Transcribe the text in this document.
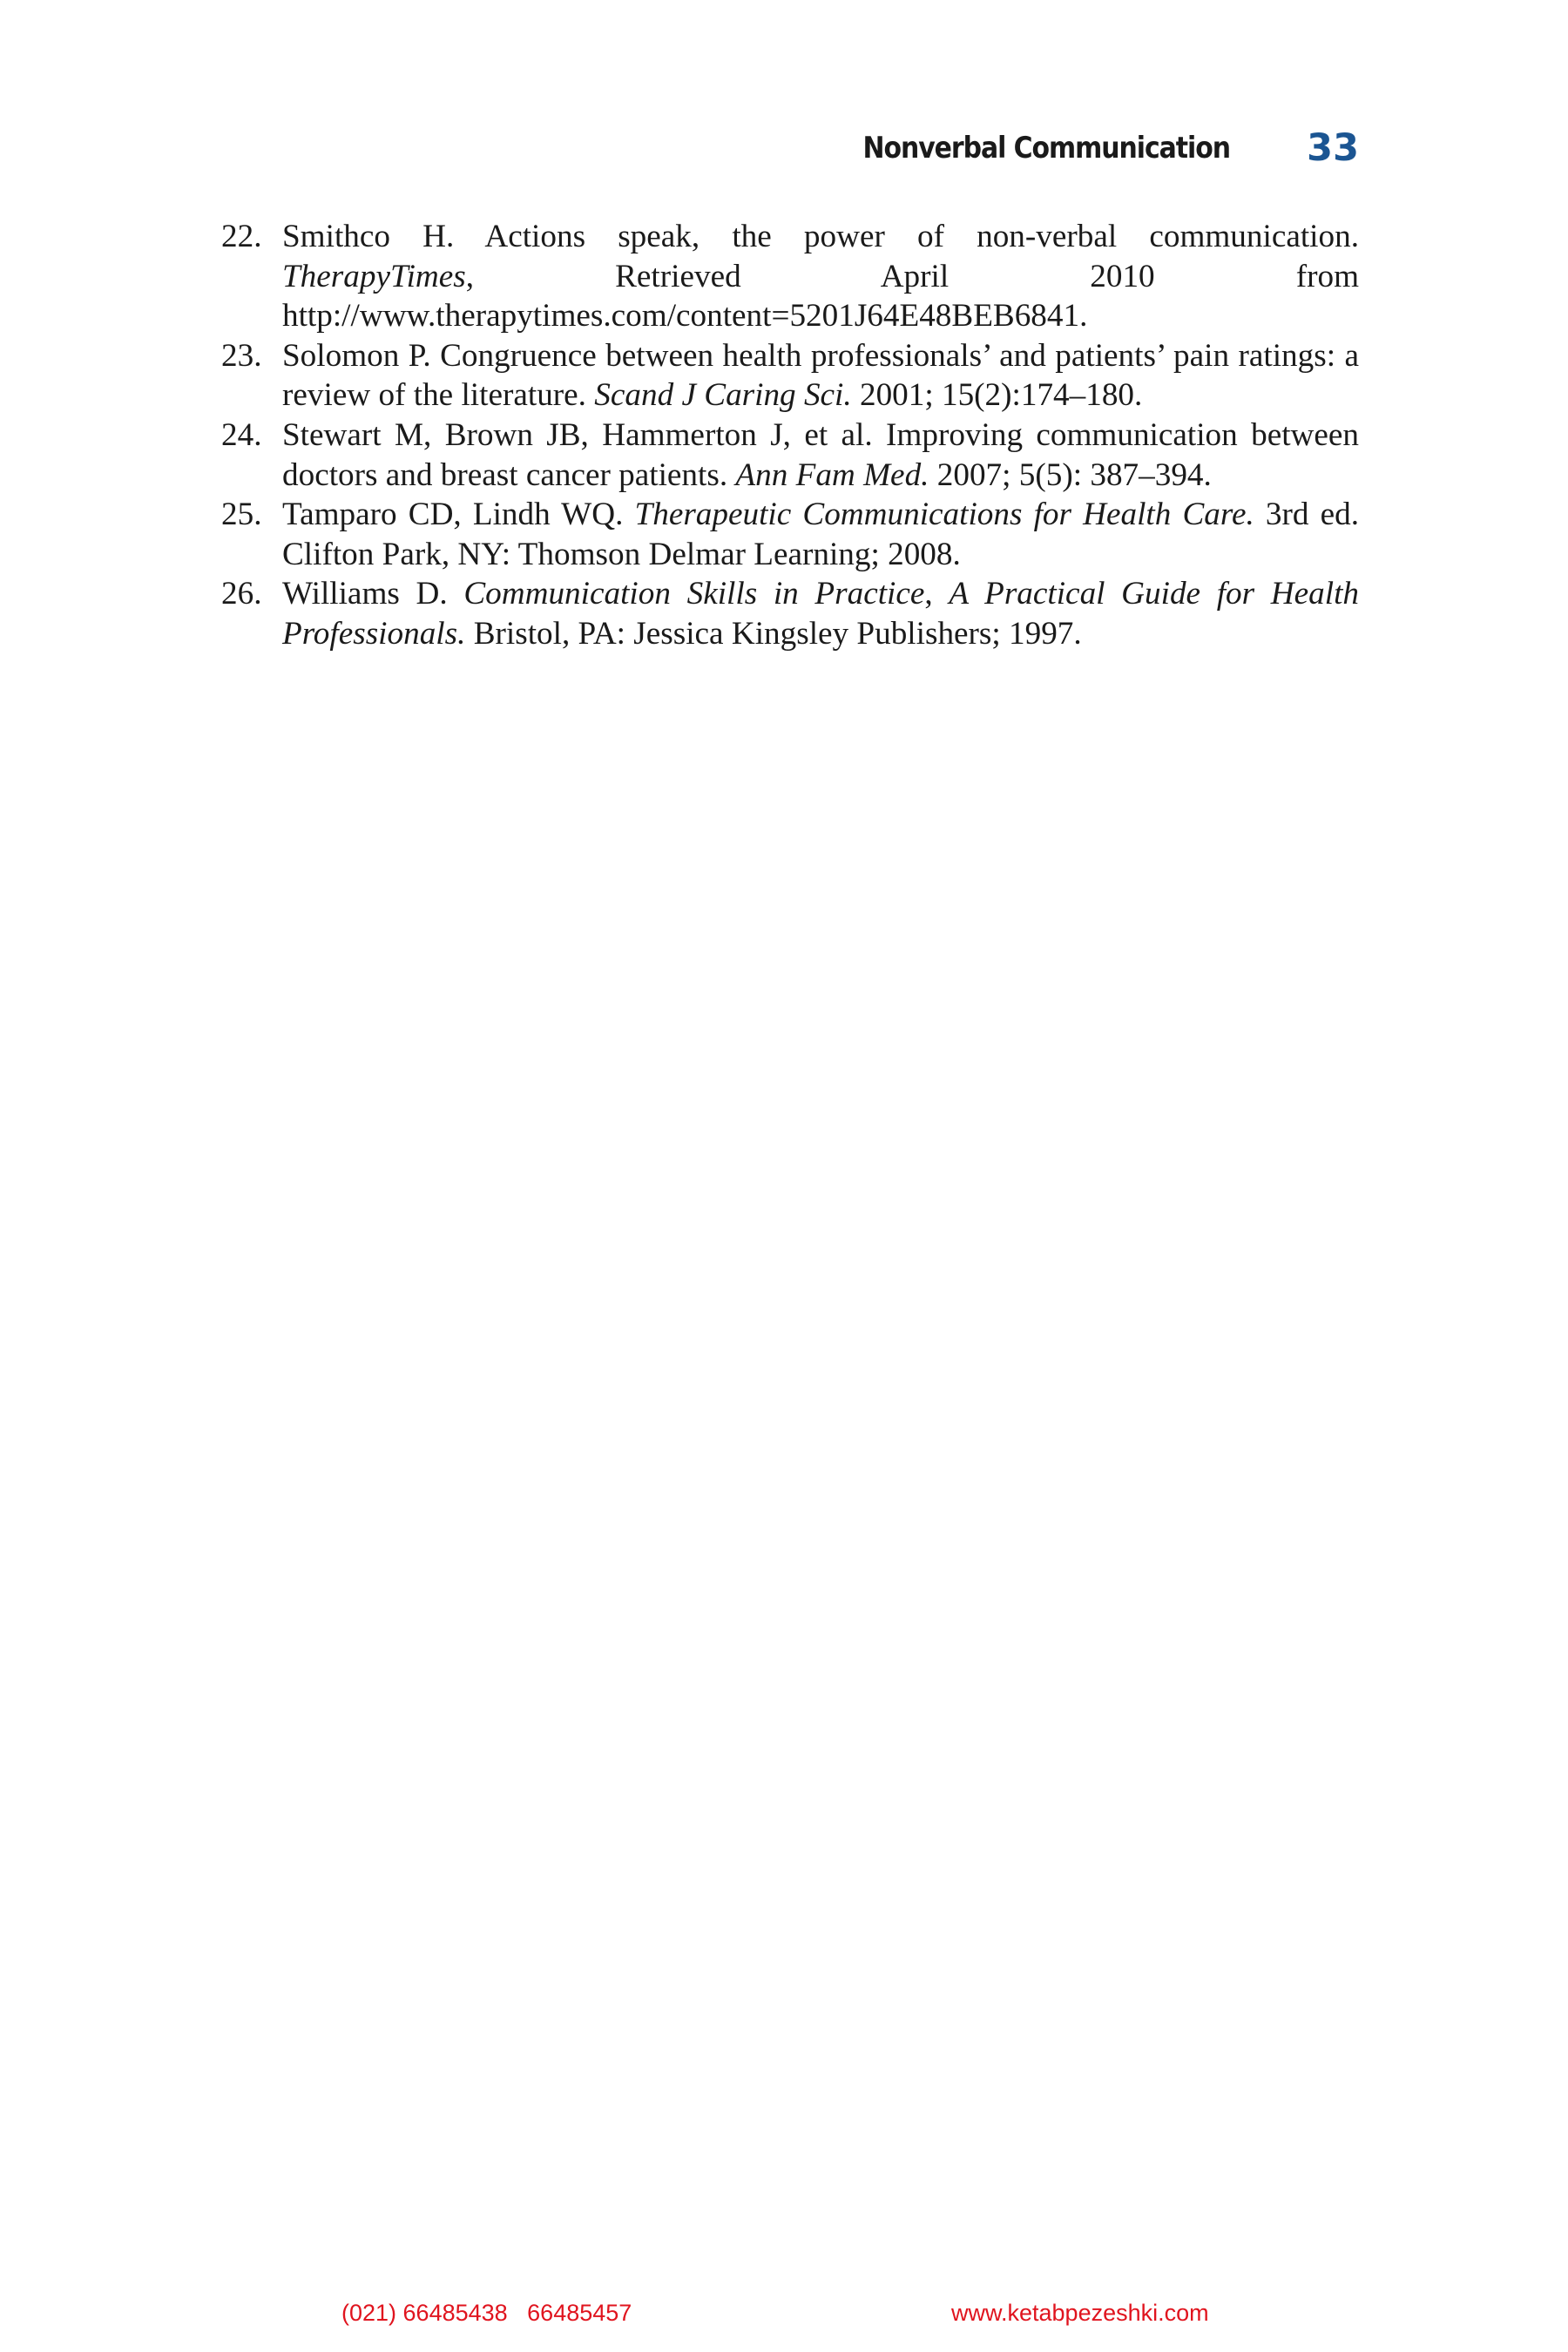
Nonverbal Communication 33
22. Smithco H. Actions speak, the power of non-verbal communication. TherapyTimes, Retrieved April 2010 from http://www.therapytimes.com/content=5201J64E48BEB6841.
23. Solomon P. Congruence between health professionals’ and patients’ pain ratings: a review of the literature. Scand J Caring Sci. 2001; 15(2):174–180.
24. Stewart M, Brown JB, Hammerton J, et al. Improving communication between doctors and breast cancer patients. Ann Fam Med. 2007; 5(5): 387–394.
25. Tamparo CD, Lindh WQ. Therapeutic Communications for Health Care. 3rd ed. Clifton Park, NY: Thomson Delmar Learning; 2008.
26. Williams D. Communication Skills in Practice, A Practical Guide for Health Professionals. Bristol, PA: Jessica Kingsley Publishers; 1997.
(021) 66485438   66485457	www.ketabpezeshki.com
